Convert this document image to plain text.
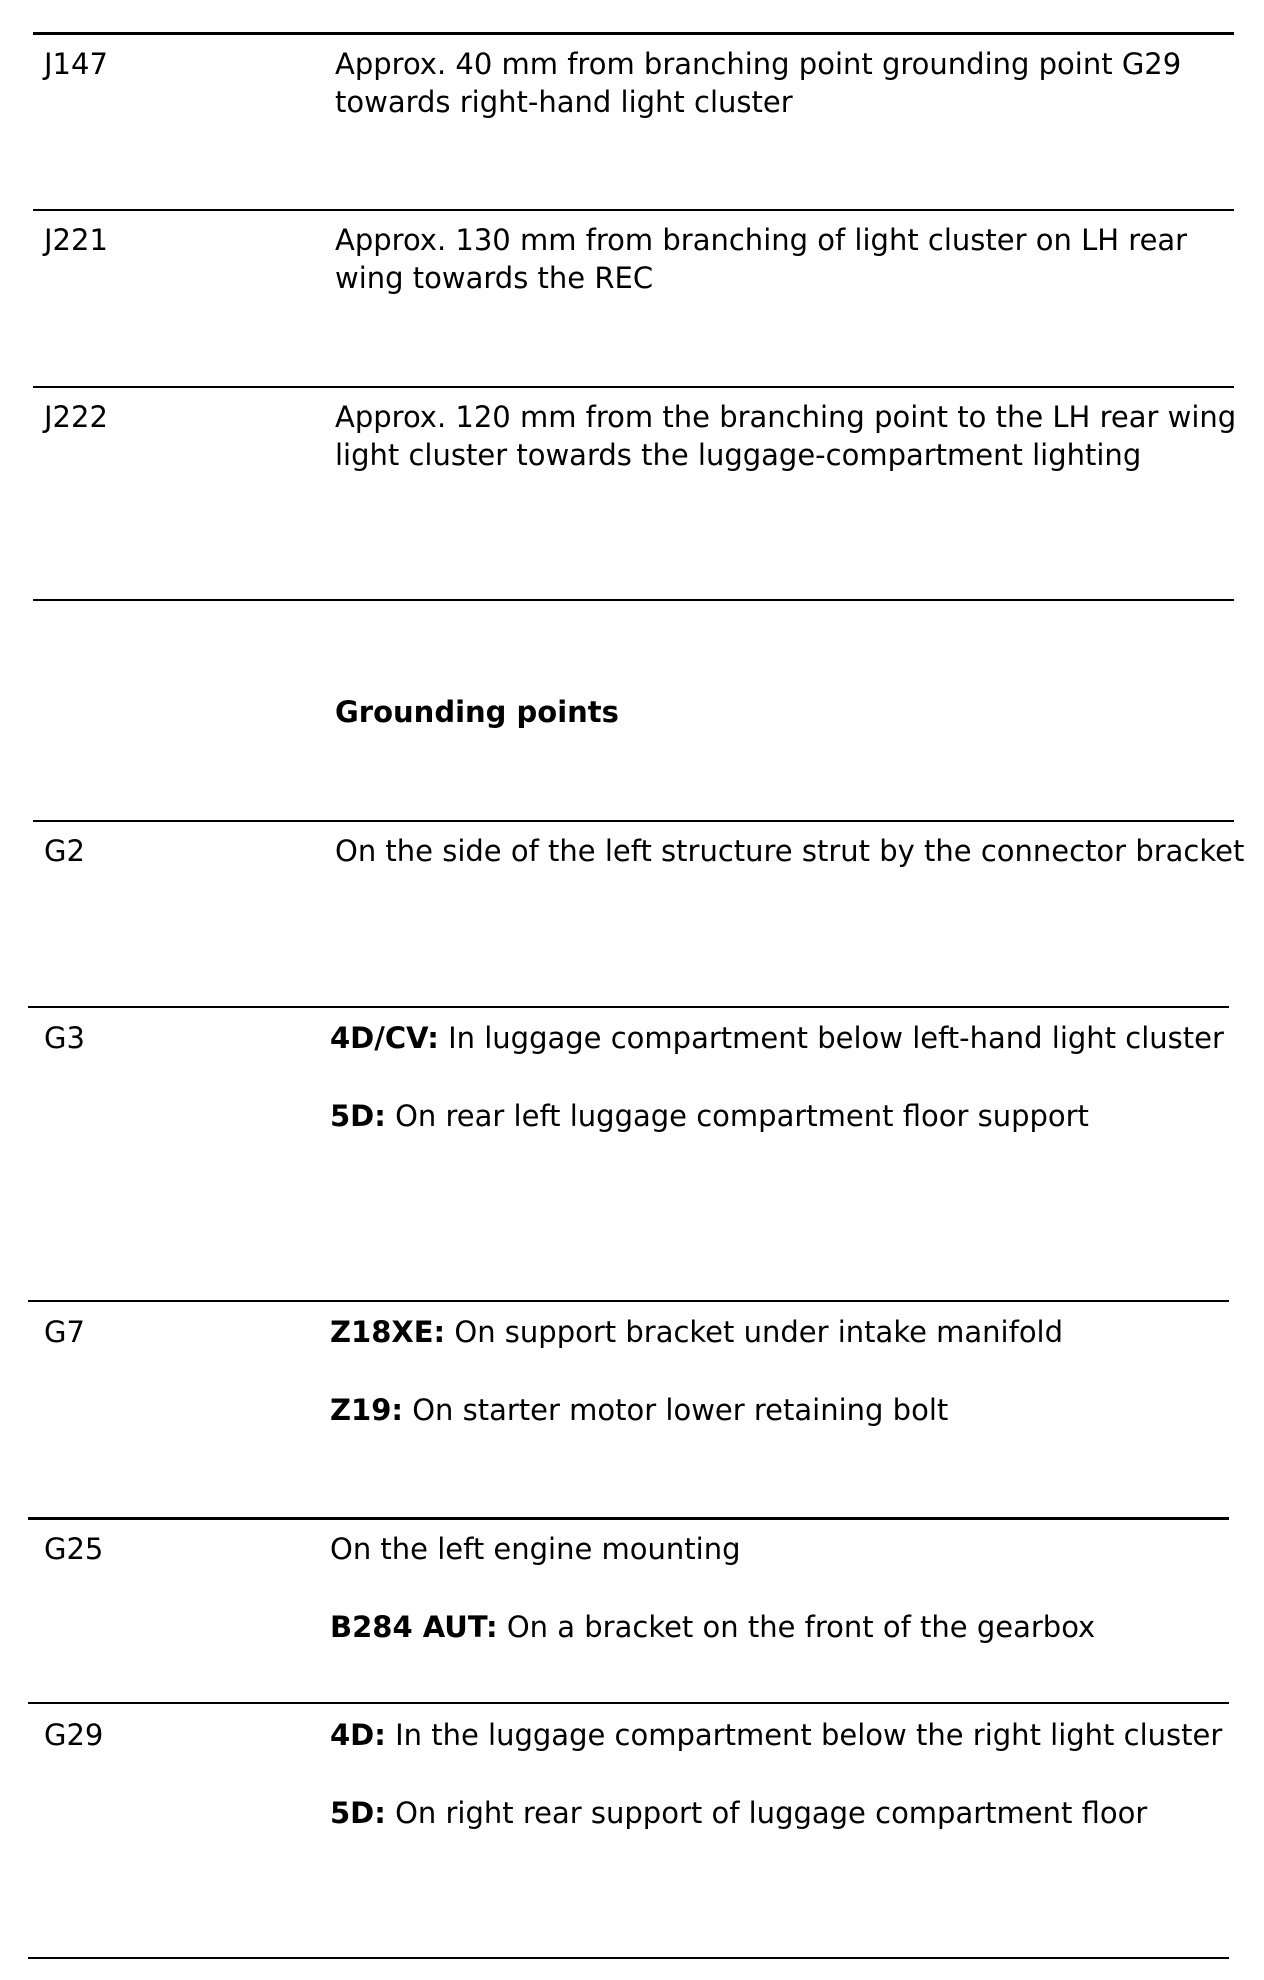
J147	Approx. 40 mm from branching point grounding point G29 towards right-hand light cluster

J221	Approx. 130 mm from branching of light cluster on LH rear wing towards the REC

J222	Approx. 120 mm from the branching point to the LH rear wing light cluster towards the luggage-compartment lighting

Grounding points
G2	On the side of the left structure strut by the connector bracket

G3	4D/CV: In luggage compartment below left-hand light cluster

5D: On rear left luggage compartment floor support

G7	Z18XE: On support bracket under intake manifold

Z19: On starter motor lower retaining bolt

G25	On the left engine mounting

B284 AUT: On a bracket on the front of the gearbox

G29	4D: In the luggage compartment below the right light cluster

5D: On right rear support of luggage compartment floor
